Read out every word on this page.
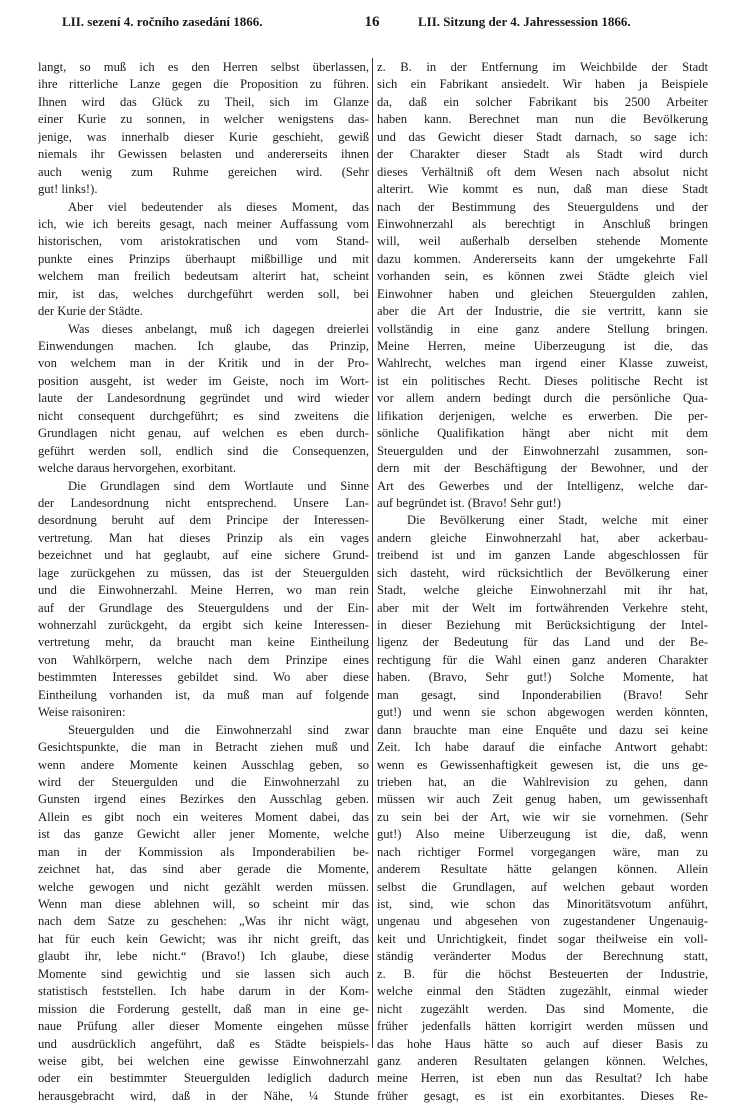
LII. sezení 4. ročního zasedání 1866.	16	LII. Sitzung der 4. Jahressession 1866.
langt, so muß ich es den Herren selbst überlassen,
ihre ritterliche Lanze gegen die Proposition zu führen.
Ihnen wird das Glück zu Theil, sich im Glanze
einer Kurie zu sonnen, in welcher wenigstens das-
jenige, was innerhalb dieser Kurie geschieht, gewiß
niemals ihr Gewissen belasten und andererseits ihnen
auch wenig zum Ruhme gereichen wird. (Sehr
gut! links!).
Aber viel bedeutender als dieses Moment, das
ich, wie ich bereits gesagt, nach meiner Auffassung vom
historischen, vom aristokratischen und vom Stand-
punkte eines Prinzips überhaupt mißbillige und mit
welchem man freilich bedeutsam alterirt hat, scheint
mir, ist das, welches durchgeführt werden soll, bei
der Kurie der Städte.
Was dieses anbelangt, muß ich dagegen dreierlei
Einwendungen machen. Ich glaube, das Prinzip,
von welchem man in der Kritik und in der Pro-
position ausgeht, ist weder im Geiste, noch im Wort-
laute der Landesordnung gegründet und wird wieder
nicht consequent durchgeführt; es sind zweitens die
Grundlagen nicht genau, auf welchen es eben durch-
geführt werden soll, endlich sind die Consequenzen,
welche daraus hervorgehen, exorbitant.
Die Grundlagen sind dem Wortlaute und Sinne
der Landesordnung nicht entsprechend. Unsere Lan-
desordnung beruht auf dem Principe der Interessen-
vertretung. Man hat dieses Prinzip als ein vages
bezeichnet und hat geglaubt, auf eine sichere Grund-
lage zurückgehen zu müssen, das ist der Steuergulden
und die Einwohnerzahl. Meine Herren, wo man rein
auf der Grundlage des Steuerguldens und der Ein-
wohnerzahl zurückgeht, da ergibt sich keine Interessen-
vertretung mehr, da braucht man keine Eintheilung
von Wahlkörpern, welche nach dem Prinzipe eines
bestimmten Interesses gebildet sind. Wo aber diese
Eintheilung vorhanden ist, da muß man auf folgende
Weise raisoniren:
Steuergulden und die Einwohnerzahl sind zwar
Gesichtspunkte, die man in Betracht ziehen muß und
wenn andere Momente keinen Ausschlag geben, so
wird der Steuergulden und die Einwohnerzahl zu
Gunsten irgend eines Bezirkes den Ausschlag geben.
Allein es gibt noch ein weiteres Moment dabei, das
ist das ganze Gewicht aller jener Momente, welche
man in der Kommission als Imponderabilien be-
zeichnet hat, das sind aber gerade die Momente,
welche gewogen und nicht gezählt werden müssen.
Wenn man diese ablehnen will, so scheint mir das
nach dem Satze zu geschehen: „Was ihr nicht wägt,
hat für euch kein Gewicht; was ihr nicht greift, das
glaubt ihr, lebe nicht.“ (Bravo!) Ich glaube, diese
Momente sind gewichtig und sie lassen sich auch
statistisch feststellen. Ich habe darum in der Kom-
mission die Forderung gestellt, daß man in eine ge-
naue Prüfung aller dieser Momente eingehen müsse
und ausdrücklich angeführt, daß es Städte beispiels-
weise gibt, bei welchen eine gewisse Einwohnerzahl
oder ein bestimmter Steuergulden lediglich dadurch
herausgebracht wird, daß in der Nähe, ¼ Stunde
z. B. in der Entfernung im Weichbilde der Stadt
sich ein Fabrikant ansiedelt. Wir haben ja Beispiele
da, daß ein solcher Fabrikant bis 2500 Arbeiter
haben kann. Berechnet man nun die Bevölkerung
und das Gewicht dieser Stadt darnach, so sage ich:
der Charakter dieser Stadt als Stadt wird durch
dieses Verhältniß oft dem Wesen nach absolut nicht
alterirt. Wie kommt es nun, daß man diese Stadt
nach der Bestimmung des Steuerguldens und der
Einwohnerzahl als berechtigt in Anschluß bringen
will, weil außerhalb derselben stehende Momente
dazu kommen. Andererseits kann der umgekehrte Fall
vorhanden sein, es können zwei Städte gleich viel
Einwohner haben und gleichen Steuergulden zahlen,
aber die Art der Industrie, die sie vertritt, kann sie
vollständig in eine ganz andere Stellung bringen.
Meine Herren, meine Uiberzeugung ist die, das
Wahlrecht, welches man irgend einer Klasse zuweist,
ist ein politisches Recht. Dieses politische Recht ist
vor allem andern bedingt durch die persönliche Qua-
lifikation derjenigen, welche es erwerben. Die per-
sönliche Qualifikation hängt aber nicht mit dem
Steuergulden und der Einwohnerzahl zusammen, son-
dern mit der Beschäftigung der Bewohner, und der
Art des Gewerbes und der Intelligenz, welche dar-
auf begründet ist. (Bravo! Sehr gut!)
Die Bevölkerung einer Stadt, welche mit einer
andern gleiche Einwohnerzahl hat, aber ackerbau-
treibend ist und im ganzen Lande abgeschlossen für
sich dasteht, wird rücksichtlich der Bevölkerung einer
Stadt, welche gleiche Einwohnerzahl mit ihr hat,
aber mit der Welt im fortwährenden Verkehre steht,
in dieser Beziehung mit Berücksichtigung der Intel-
ligenz der Bedeutung für das Land und der Be-
rechtigung für die Wahl einen ganz anderen Charakter
haben. (Bravo, Sehr gut!) Solche Momente, hat
man gesagt, sind Inponderabilien (Bravo! Sehr
gut!) und wenn sie schon abgewogen werden könnten,
dann brauchte man eine Enquête und dazu sei keine
Zeit. Ich habe darauf die einfache Antwort gehabt:
wenn es Gewissenhaftigkeit gewesen ist, die uns ge-
trieben hat, an die Wahlrevision zu gehen, dann
müssen wir auch Zeit genug haben, um gewissenhaft
zu sein bei der Art, wie wir sie vornehmen. (Sehr
gut!) Also meine Uiberzeugung ist die, daß, wenn
nach richtiger Formel vorgegangen wäre, man zu
anderem Resultate hätte gelangen können. Allein
selbst die Grundlagen, auf welchen gebaut worden
ist, sind, wie schon das Minoritätsvotum anführt,
ungenau und abgesehen von zugestandener Ungenauig-
keit und Unrichtigkeit, findet sogar theilweise ein voll-
ständig veränderter Modus der Berechnung statt,
z. B. für die höchst Besteuerten der Industrie,
welche einmal den Städten zugezählt, einmal wieder
nicht zugezählt werden. Das sind Momente, die
früher jedenfalls hätten korrigirt werden müssen und
das hohe Haus hätte so auch auf dieser Basis zu
ganz anderen Resultaten gelangen können. Welches,
meine Herren, ist eben nun das Resultat? Ich habe
früher gesagt, es ist ein exorbitantes. Dieses Re-
